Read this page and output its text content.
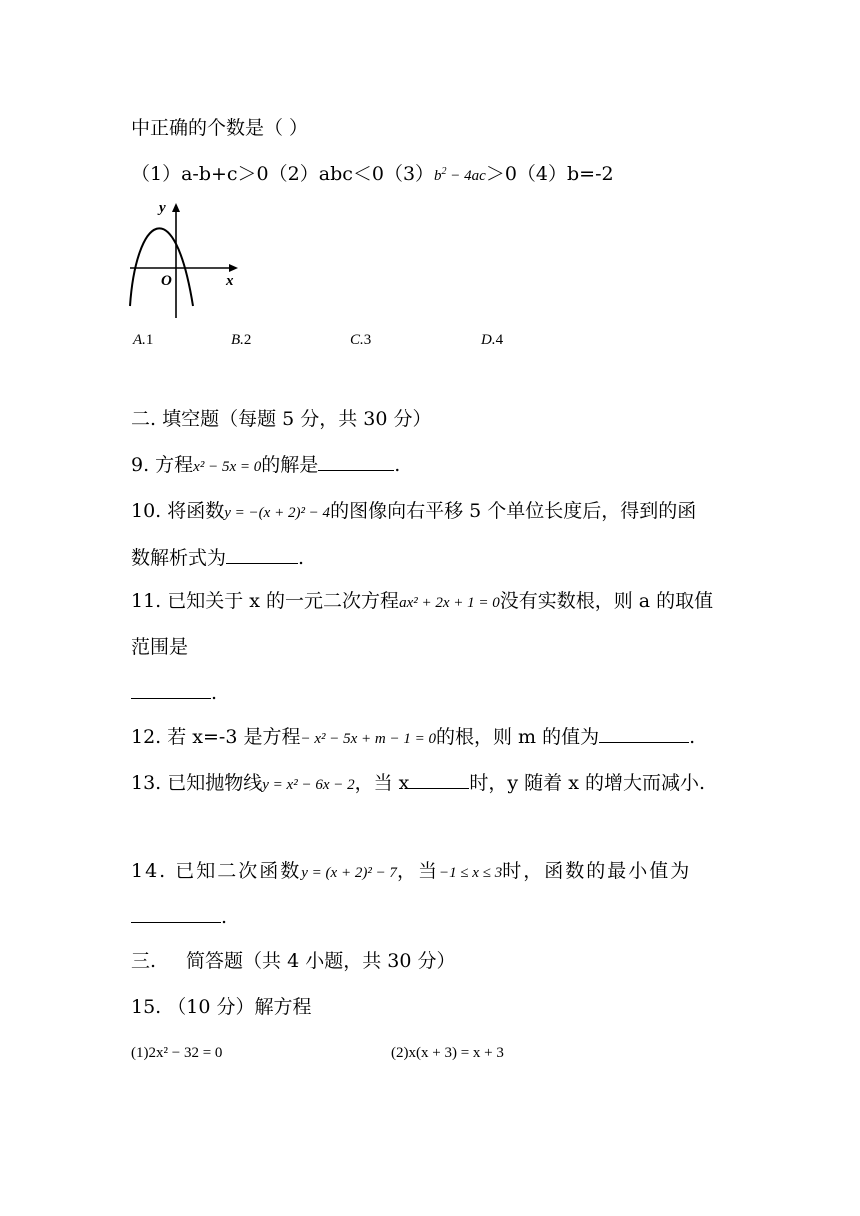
中正确的个数是（ ）
$(1)a-b+c>0(2)abc<0(3)b^2 - 4ac>0(4)b=-2$
y
x
O
A.1	B.2	C.3	D.4
二. 填空题（每题 5 分，共 30 分）
9. 方程x² − 5x = 0的解是	.
10. 将函数y = −(x + 2)² − 4的图像向右平移 5 个单位长度后，得到的函
数解析式为	.
11. 已知关于 x 的一元二次方程ax² + 2x + 1 = 0没有实数根，则 a 的取值
范围是
.
12. 若 x=-3 是方程− x² − 5x + m − 1 = 0的根，则 m 的值为	.
13. 已知抛物线y = x² − 6x − 2，当 x	时，y 随着 x 的增大而减小.
14. 已知二次函数y = (x + 2)² − 7，当−1 ≤ x ≤ 3时，函数的最小值为
.
三. 简答题（共 4 小题，共 30 分）
15. （10 分）解方程
(1)2x² − 32 = 0	(2)x(x + 3) = x + 3
